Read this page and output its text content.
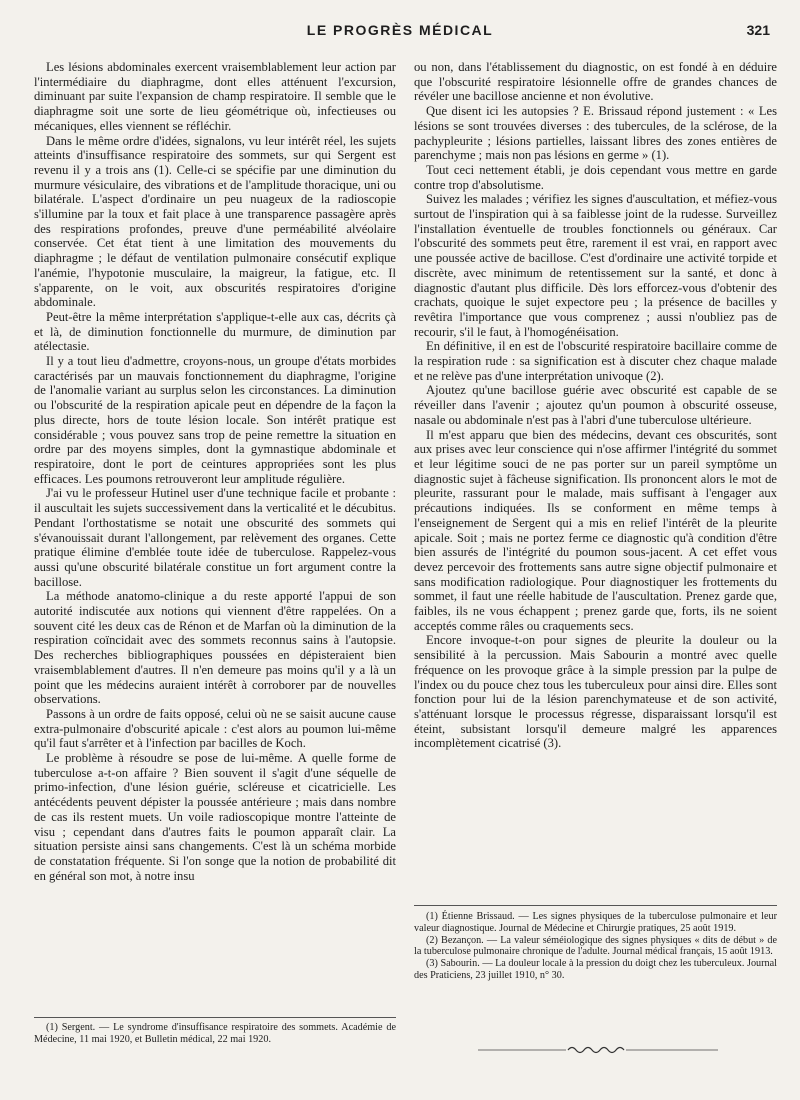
LE PROGRÈS MÉDICAL	321

Les lésions abdominales exercent vraisemblablement leur action par l'intermédiaire du diaphragme, dont elles atténuent l'excursion, diminuant par suite l'expansion de champ respiratoire. Il semble que le diaphragme soit une sorte de lieu géométrique où, infectieuses ou mécaniques, elles viennent se réfléchir.

Dans le même ordre d'idées, signalons, vu leur intérêt réel, les sujets atteints d'insuffisance respiratoire des sommets, sur qui Sergent est revenu il y a trois ans (1). Celle-ci se spécifie par une diminution du murmure vésiculaire, des vibrations et de l'amplitude thoracique, uni ou bilatérale. L'aspect d'ordinaire un peu nuageux de la radioscopie s'illumine par la toux et fait place à une transparence passagère après des respirations profondes, preuve d'une perméabilité alvéolaire conservée. Cet état tient à une limitation des mouvements du diaphragme ; le défaut de ventilation pulmonaire consécutif explique l'anémie, l'hypotonie musculaire, la maigreur, la fatigue, etc. Il s'apparente, on le voit, aux obscurités respiratoires d'origine abdominale.

Peut-être la même interprétation s'applique-t-elle aux cas, décrits çà et là, de diminution fonctionnelle du murmure, de diminution par atélectasie.

Il y a tout lieu d'admettre, croyons-nous, un groupe d'états morbides caractérisés par un mauvais fonctionnement du diaphragme, l'origine de l'anomalie variant au surplus selon les circonstances. La diminution ou l'obscurité de la respiration apicale peut en dépendre de la façon la plus directe, hors de toute lésion locale. Son intérêt pratique est considérable ; vous pouvez sans trop de peine remettre la situation en ordre par des moyens simples, dont la gymnastique abdominale et respiratoire, dont le port de ceintures appropriées sont les plus efficaces. Les poumons retrouveront leur amplitude régulière.

J'ai vu le professeur Hutinel user d'une technique facile et probante : il auscultait les sujets successivement dans la verticalité et le décubitus. Pendant l'orthostatisme se notait une obscurité des sommets qui s'évanouissait durant l'allongement, par relèvement des organes. Cette pratique élimine d'emblée toute idée de tuberculose. Rappelez-vous aussi qu'une obscurité bilatérale constitue un fort argument contre la bacillose.

La méthode anatomo-clinique a du reste apporté l'appui de son autorité indiscutée aux notions qui viennent d'être rappelées. On a souvent cité les deux cas de Rénon et de Marfan où la diminution de la respiration coïncidait avec des sommets reconnus sains à l'autopsie. Des recherches bibliographiques poussées en dépisteraient bien vraisemblablement d'autres. Il n'en demeure pas moins qu'il y a là un point que les médecins auraient intérêt à corroborer par de nouvelles observations.

Passons à un ordre de faits opposé, celui où ne se saisit aucune cause extra-pulmonaire d'obscurité apicale : c'est alors au poumon lui-même qu'il faut s'arrêter et à l'infection par bacilles de Koch.

Le problème à résoudre se pose de lui-même. A quelle forme de tuberculose a-t-on affaire ? Bien souvent il s'agit d'une séquelle de primo-infection, d'une lésion guérie, scléreuse et cicatricielle. Les antécédents peuvent dépister la poussée antérieure ; mais dans nombre de cas ils restent muets. Un voile radioscopique montre l'atteinte de visu ; cependant dans d'autres faits le poumon apparaît clair. La situation persiste ainsi sans changements. C'est là un schéma morbide de constatation fréquente. Si l'on songe que la notion de probabilité dit en général son mot, à notre insu

ou non, dans l'établissement du diagnostic, on est fondé à en déduire que l'obscurité respiratoire lésionnelle offre de grandes chances de révéler une bacillose ancienne et non évolutive.

Que disent ici les autopsies ? E. Brissaud répond justement : « Les lésions se sont trouvées diverses : des tubercules, de la sclérose, de la pachypleurite ; lésions partielles, laissant libres des zones entières de parenchyme ; mais non pas lésions en germe » (1).

Tout ceci nettement établi, je dois cependant vous mettre en garde contre trop d'absolutisme.

Suivez les malades ; vérifiez les signes d'auscultation, et méfiez-vous surtout de l'inspiration qui à sa faiblesse joint de la rudesse. Surveillez l'installation éventuelle de troubles fonctionnels ou généraux. Car l'obscurité des sommets peut être, rarement il est vrai, en rapport avec une poussée active de bacillose. C'est d'ordinaire une activité torpide et discrète, avec minimum de retentissement sur la santé, et donc à diagnostic d'autant plus difficile. Dès lors efforcez-vous d'obtenir des crachats, quoique le sujet expectore peu ; la présence de bacilles y revêtira l'importance que vous comprenez ; aussi n'oubliez pas de recourir, s'il le faut, à l'homogénéisation.

En définitive, il en est de l'obscurité respiratoire bacillaire comme de la respiration rude : sa signification est à discuter chez chaque malade et ne relève pas d'une interprétation univoque (2).

Ajoutez qu'une bacillose guérie avec obscurité est capable de se réveiller dans l'avenir ; ajoutez qu'un poumon à obscurité osseuse, nasale ou abdominale n'est pas à l'abri d'une tuberculose ultérieure.

Il m'est apparu que bien des médecins, devant ces obscurités, sont aux prises avec leur conscience qui n'ose affirmer l'intégrité du sommet et leur légitime souci de ne pas porter sur un pareil symptôme un diagnostic sujet à fâcheuse signification. Ils prononcent alors le mot de pleurite, rassurant pour le malade, mais suffisant à l'engager aux précautions indiquées. Ils se conforment en même temps à l'enseignement de Sergent qui a mis en relief l'intérêt de la pleurite apicale. Soit ; mais ne portez ferme ce diagnostic qu'à condition d'être bien assurés de l'intégrité du poumon sous-jacent. A cet effet vous devez percevoir des frottements sans autre signe objectif pulmonaire et sans modification radiologique. Pour diagnostiquer les frottements du sommet, il faut une réelle habitude de l'auscultation. Prenez garde que, faibles, ils ne vous échappent ; prenez garde que, forts, ils ne soient acceptés comme râles ou craquements secs.

Encore invoque-t-on pour signes de pleurite la douleur ou la sensibilité à la percussion. Mais Sabourin a montré avec quelle fréquence on les provoque grâce à la simple pression par la pulpe de l'index ou du pouce chez tous les tuberculeux pour ainsi dire. Elles sont fonction pour lui de la lésion parenchymateuse et de son activité, s'atténuant lorsque le processus régresse, disparaissant lorsqu'il est éteint, subsistant lorsqu'il demeure malgré les apparences incomplètement cicatrisé (3).

(1) Étienne Brissaud. — Les signes physiques de la tuberculose pulmonaire et leur valeur diagnostique. Journal de Médecine et Chirurgie pratiques, 25 août 1919.

(2) Bezançon. — La valeur séméiologique des signes physiques « dits de début » de la tuberculose pulmonaire chronique de l'adulte. Journal médical français, 15 août 1913.

(3) Sabourin. — La douleur locale à la pression du doigt chez les tuberculeux. Journal des Praticiens, 23 juillet 1910, n° 30.

(1) Sergent. — Le syndrome d'insuffisance respiratoire des sommets. Académie de Médecine, 11 mai 1920, et Bulletin médical, 22 mai 1920.
